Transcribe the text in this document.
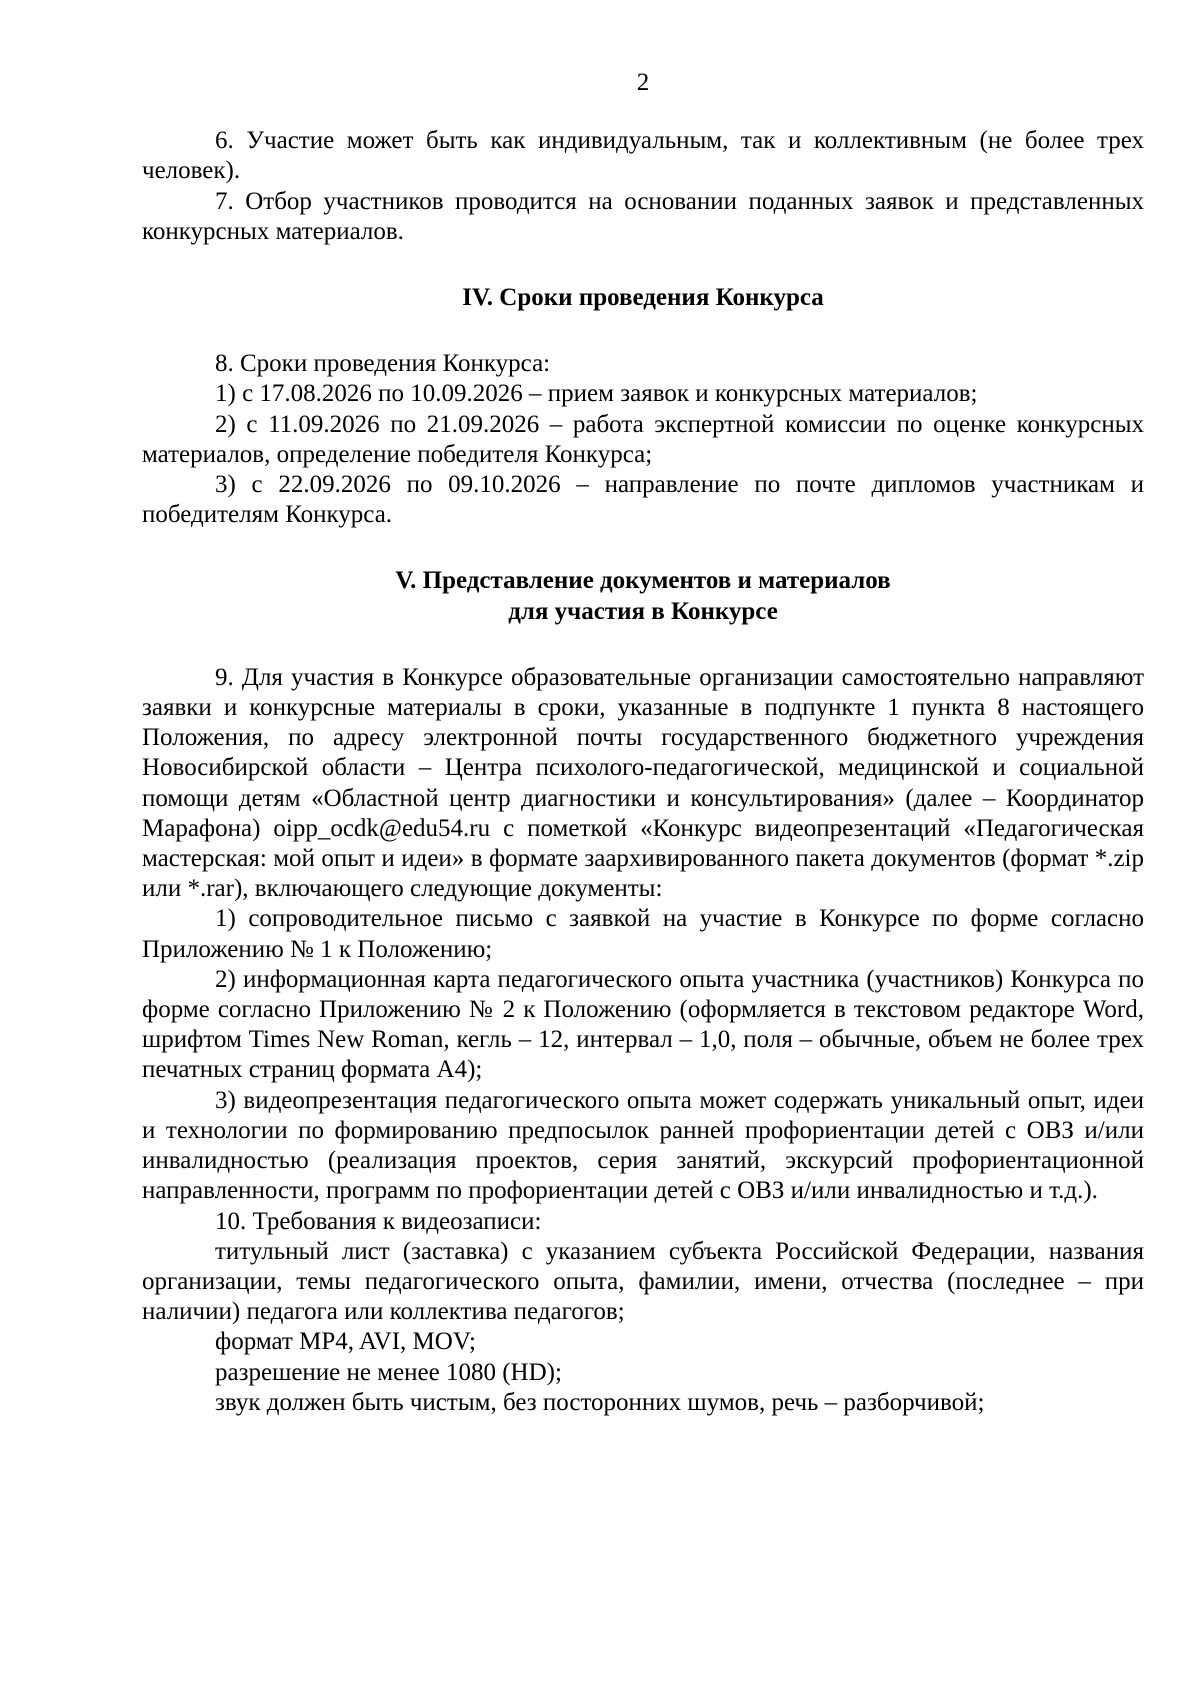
2

6. Участие может быть как индивидуальным, так и коллективным (не более трех человек).

7. Отбор участников проводится на основании поданных заявок и представленных конкурсных материалов.

IV. Сроки проведения Конкурса

8. Сроки проведения Конкурса:

1) с 17.08.2026 по 10.09.2026 – прием заявок и конкурсных материалов;

2) с 11.09.2026 по 21.09.2026 – работа экспертной комиссии по оценке конкурсных материалов, определение победителя Конкурса;

3) с 22.09.2026 по 09.10.2026 – направление по почте дипломов участникам и победителям Конкурса.

V. Представление документов и материалов
для участия в Конкурсе

9. Для участия в Конкурсе образовательные организации самостоятельно направляют заявки и конкурсные материалы в сроки, указанные в подпункте 1 пункта 8 настоящего Положения, по адресу электронной почты государственного бюджетного учреждения Новосибирской области – Центра психолого-педагогической, медицинской и социальной помощи детям «Областной центр диагностики и консультирования» (далее – Координатор Марафона) oipp_ocdk@edu54.ru с пометкой «Конкурс видеопрезентаций «Педагогическая мастерская: мой опыт и идеи» в формате заархивированного пакета документов (формат *.zip или *.rar), включающего следующие документы:

1) сопроводительное письмо с заявкой на участие в Конкурсе по форме согласно Приложению № 1 к Положению;

2) информационная карта педагогического опыта участника (участников) Конкурса по форме согласно Приложению № 2 к Положению (оформляется в текстовом редакторе Word, шрифтом Times New Roman, кегль – 12, интервал – 1,0, поля – обычные, объем не более трех печатных страниц формата А4);

3) видеопрезентация педагогического опыта может содержать уникальный опыт, идеи и технологии по формированию предпосылок ранней профориентации детей с ОВЗ и/или инвалидностью (реализация проектов, серия занятий, экскурсий профориентационной направленности, программ по профориентации детей с ОВЗ и/или инвалидностью и т.д.).

10. Требования к видеозаписи:

титульный лист (заставка) с указанием субъекта Российской Федерации, названия организации, темы педагогического опыта, фамилии, имени, отчества (последнее – при наличии) педагога или коллектива педагогов;

формат MP4, AVI, MOV;

разрешение не менее 1080 (HD);

звук должен быть чистым, без посторонних шумов, речь – разборчивой;
